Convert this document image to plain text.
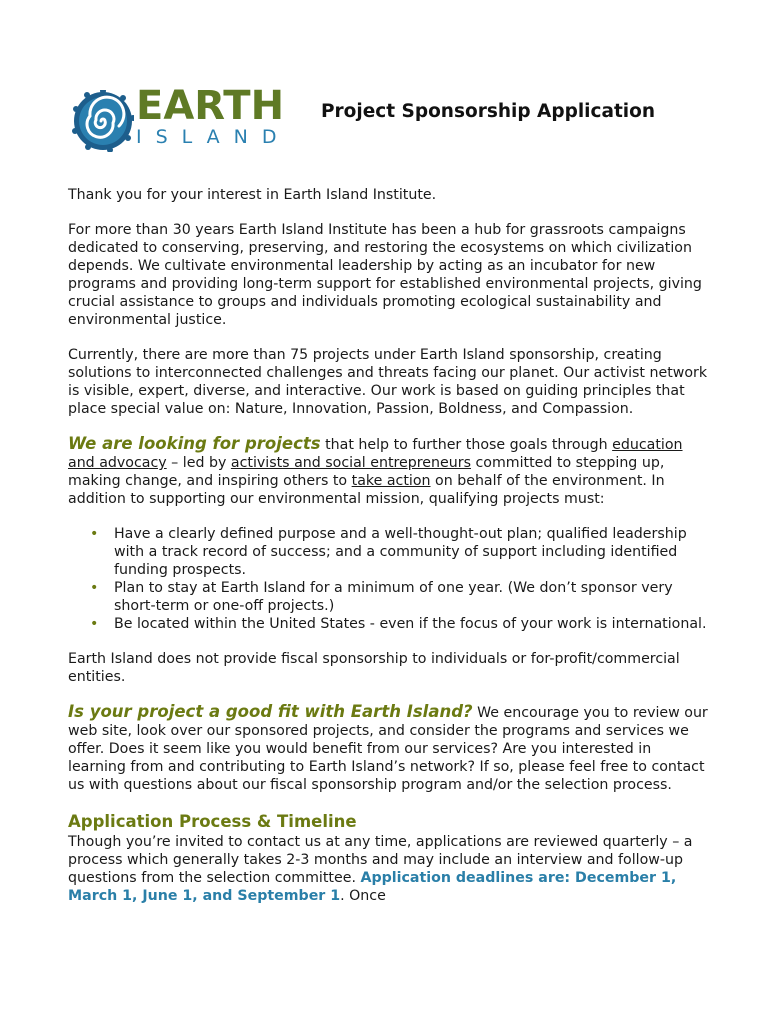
EARTH
ISLAND
Project Sponsorship Application

Thank you for your interest in Earth Island Institute.

For more than 30 years Earth Island Institute has been a hub for grassroots campaigns dedicated to conserving, preserving, and restoring the ecosystems on which civilization depends. We cultivate environmental leadership by acting as an incubator for new programs and providing long-term support for established environmental projects, giving crucial assistance to groups and individuals promoting ecological sustainability and environmental justice.

Currently, there are more than 75 projects under Earth Island sponsorship, creating solutions to interconnected challenges and threats facing our planet. Our activist network is visible, expert, diverse, and interactive. Our work is based on guiding principles that place special value on: Nature, Innovation, Passion, Boldness, and Compassion.

We are looking for projects that help to further those goals through education and advocacy – led by activists and social entrepreneurs committed to stepping up, making change, and inspiring others to take action on behalf of the environment. In addition to supporting our environmental mission, qualifying projects must:

• Have a clearly defined purpose and a well-thought-out plan; qualified leadership with a track record of success; and a community of support including identified funding prospects.
• Plan to stay at Earth Island for a minimum of one year. (We don’t sponsor very short-term or one-off projects.)
• Be located within the United States - even if the focus of your work is international.

Earth Island does not provide fiscal sponsorship to individuals or for-profit/commercial entities.

Is your project a good fit with Earth Island? We encourage you to review our web site, look over our sponsored projects, and consider the programs and services we offer. Does it seem like you would benefit from our services? Are you interested in learning from and contributing to Earth Island’s network? If so, please feel free to contact us with questions about our fiscal sponsorship program and/or the selection process.

Application Process & Timeline

Though you’re invited to contact us at any time, applications are reviewed quarterly – a process which generally takes 2-3 months and may include an interview and follow-up questions from the selection committee. Application deadlines are: December 1, March 1, June 1, and September 1. Once
